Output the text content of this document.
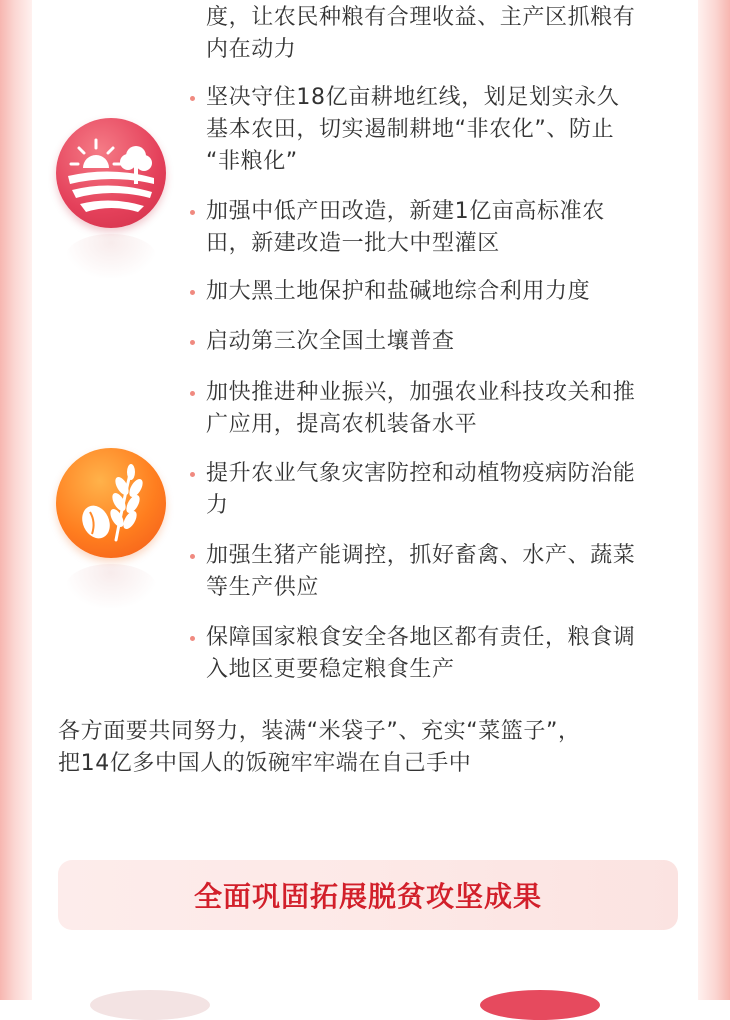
度，让农民种粮有合理收益、主产区抓粮有
内在动力
坚决守住18亿亩耕地红线，划足划实永久
基本农田，切实遏制耕地“非农化”、防止
“非粮化”
加强中低产田改造，新建1亿亩高标准农
田，新建改造一批大中型灌区
加大黑土地保护和盐碱地综合利用力度
启动第三次全国土壤普查
加快推进种业振兴，加强农业科技攻关和推
广应用，提高农机装备水平
提升农业气象灾害防控和动植物疫病防治能
力
加强生猪产能调控，抓好畜禽、水产、蔬菜
等生产供应
保障国家粮食安全各地区都有责任，粮食调
入地区更要稳定粮食生产
各方面要共同努力，装满“米袋子”、充实“菜篮子”，
把14亿多中国人的饭碗牢牢端在自己手中
全面巩固拓展脱贫攻坚成果
